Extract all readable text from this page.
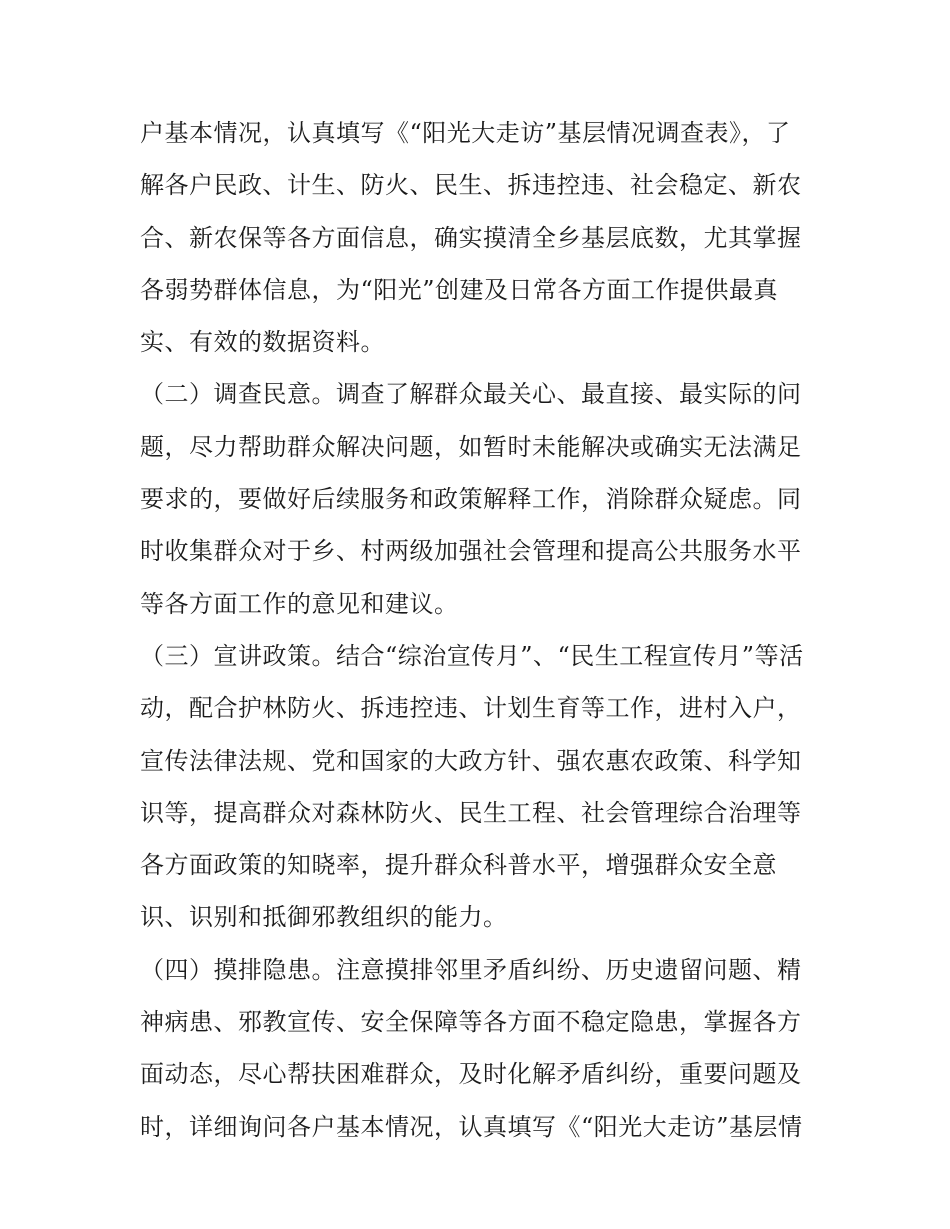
户基本情况，认真填写《“阳光大走访”基层情况调查表》，了
解各户民政、计生、防火、民生、拆违控违、社会稳定、新农
合、新农保等各方面信息，确实摸清全乡基层底数，尤其掌握
各弱势群体信息，为“阳光”创建及日常各方面工作提供最真
实、有效的数据资料。
（二）调查民意。调查了解群众最关心、最直接、最实际的问
题，尽力帮助群众解决问题，如暂时未能解决或确实无法满足
要求的，要做好后续服务和政策解释工作，消除群众疑虑。同
时收集群众对于乡、村两级加强社会管理和提高公共服务水平
等各方面工作的意见和建议。
（三）宣讲政策。结合“综治宣传月”、“民生工程宣传月”等活
动，配合护林防火、拆违控违、计划生育等工作，进村入户，
宣传法律法规、党和国家的大政方针、强农惠农政策、科学知
识等，提高群众对森林防火、民生工程、社会管理综合治理等
各方面政策的知晓率，提升群众科普水平，增强群众安全意
识、识别和抵御邪教组织的能力。
（四）摸排隐患。注意摸排邻里矛盾纠纷、历史遗留问题、精
神病患、邪教宣传、安全保障等各方面不稳定隐患，掌握各方
面动态，尽心帮扶困难群众，及时化解矛盾纠纷，重要问题及
时，详细询问各户基本情况，认真填写《“阳光大走访”基层情
